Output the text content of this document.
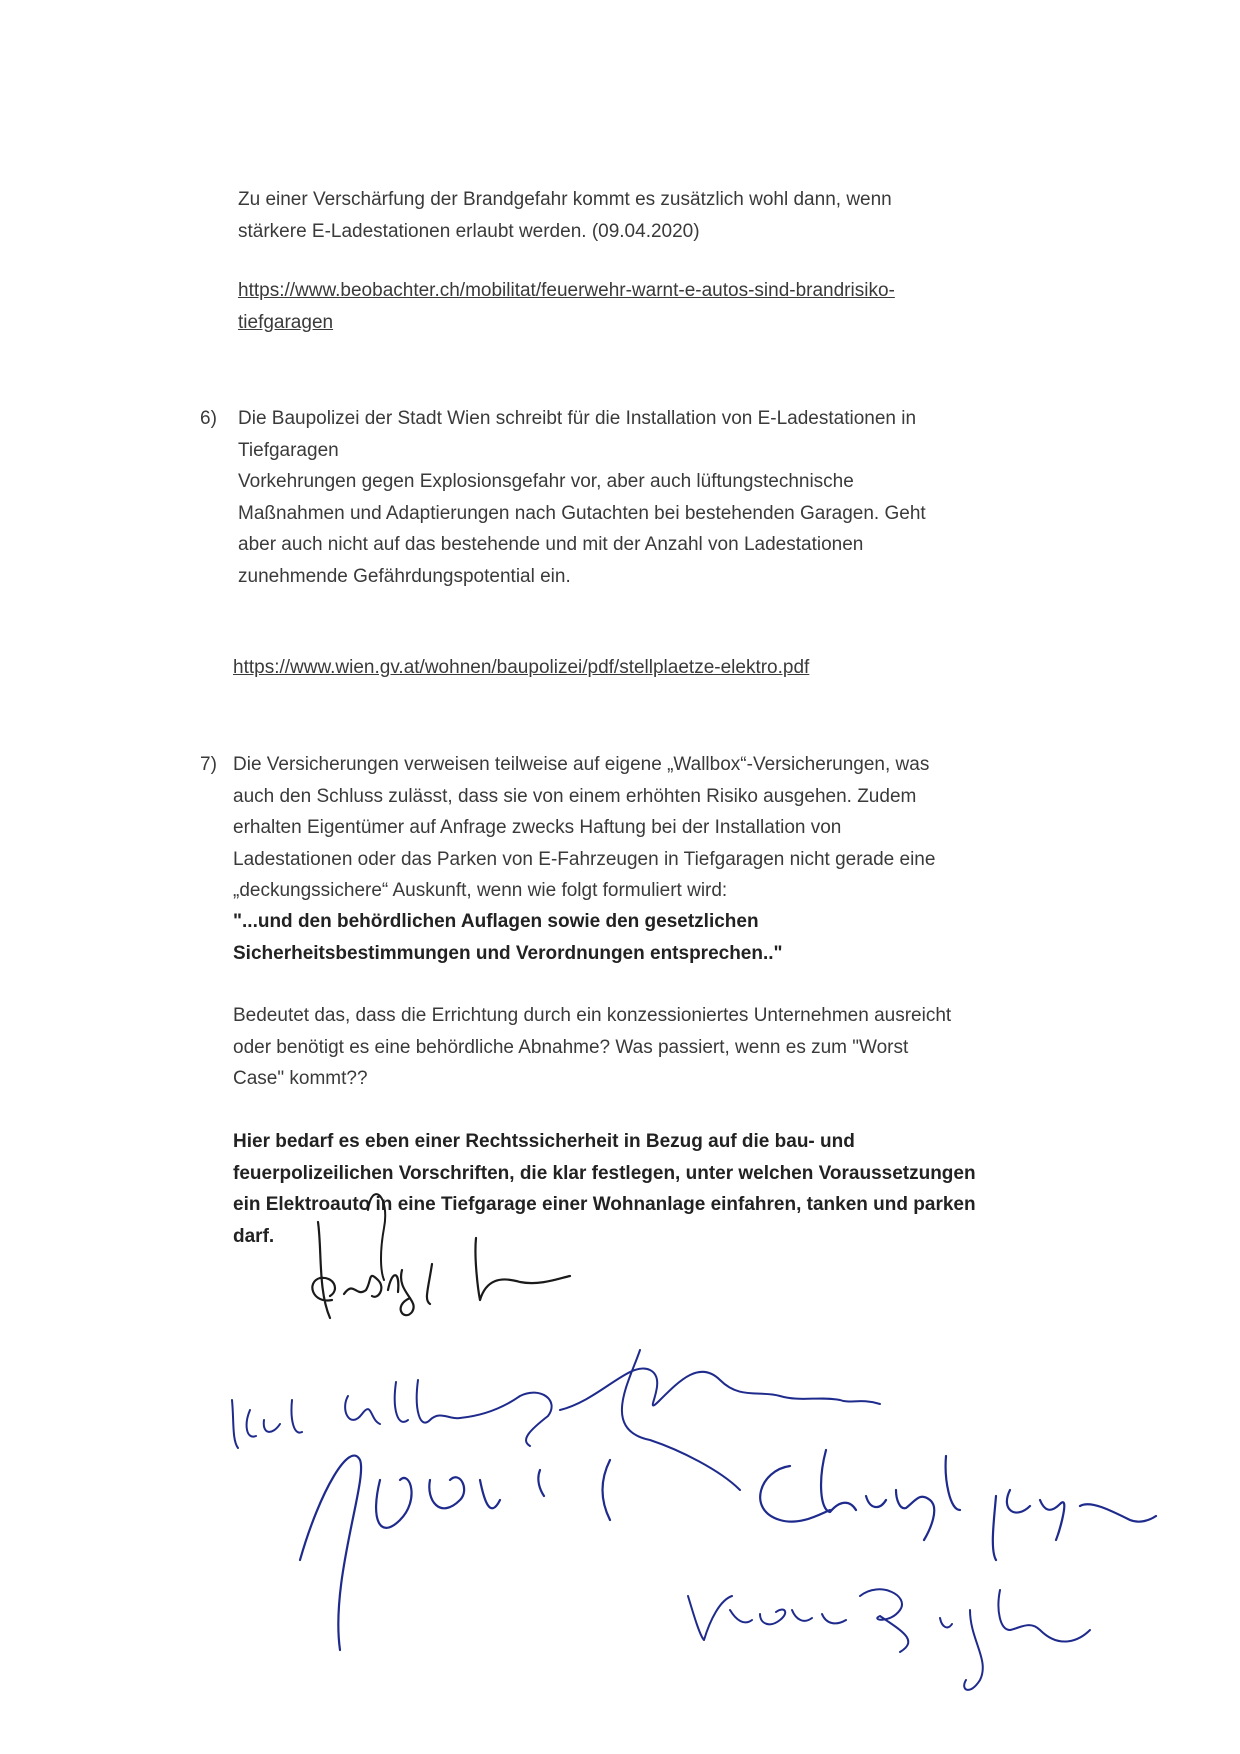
Zu einer Verschärfung der Brandgefahr kommt es zusätzlich wohl dann, wenn

stärkere E-Ladestationen erlaubt werden. (09.04.2020)

https://www.beobachter.ch/mobilitat/feuerwehr-warnt-e-autos-sind-brandrisiko-

tiefgaragen

6) Die Baupolizei der Stadt Wien schreibt für die Installation von E-Ladestationen in

Tiefgaragen

Vorkehrungen gegen Explosionsgefahr vor, aber auch lüftungstechnische

Maßnahmen und Adaptierungen nach Gutachten bei bestehenden Garagen. Geht

aber auch nicht auf das bestehende und mit der Anzahl von Ladestationen

zunehmende Gefährdungspotential ein.

https://www.wien.gv.at/wohnen/baupolizei/pdf/stellplaetze-elektro.pdf

7) Die Versicherungen verweisen teilweise auf eigene „Wallbox“-Versicherungen, was

auch den Schluss zulässt, dass sie von einem erhöhten Risiko ausgehen. Zudem

erhalten Eigentümer auf Anfrage zwecks Haftung bei der Installation von

Ladestationen oder das Parken von E-Fahrzeugen in Tiefgaragen nicht gerade eine

„deckungssichere“ Auskunft, wenn wie folgt formuliert wird:

"...und den behördlichen Auflagen sowie den gesetzlichen

Sicherheitsbestimmungen und Verordnungen entsprechen.."

Bedeutet das, dass die Errichtung durch ein konzessioniertes Unternehmen ausreicht

oder benötigt es eine behördliche Abnahme? Was passiert, wenn es zum "Worst

Case" kommt??

Hier bedarf es eben einer Rechtssicherheit in Bezug auf die bau- und

feuerpolizeilichen Vorschriften, die klar festlegen, unter welchen Voraussetzungen

ein Elektroauto in eine Tiefgarage einer Wohnanlage einfahren, tanken und parken

darf.
